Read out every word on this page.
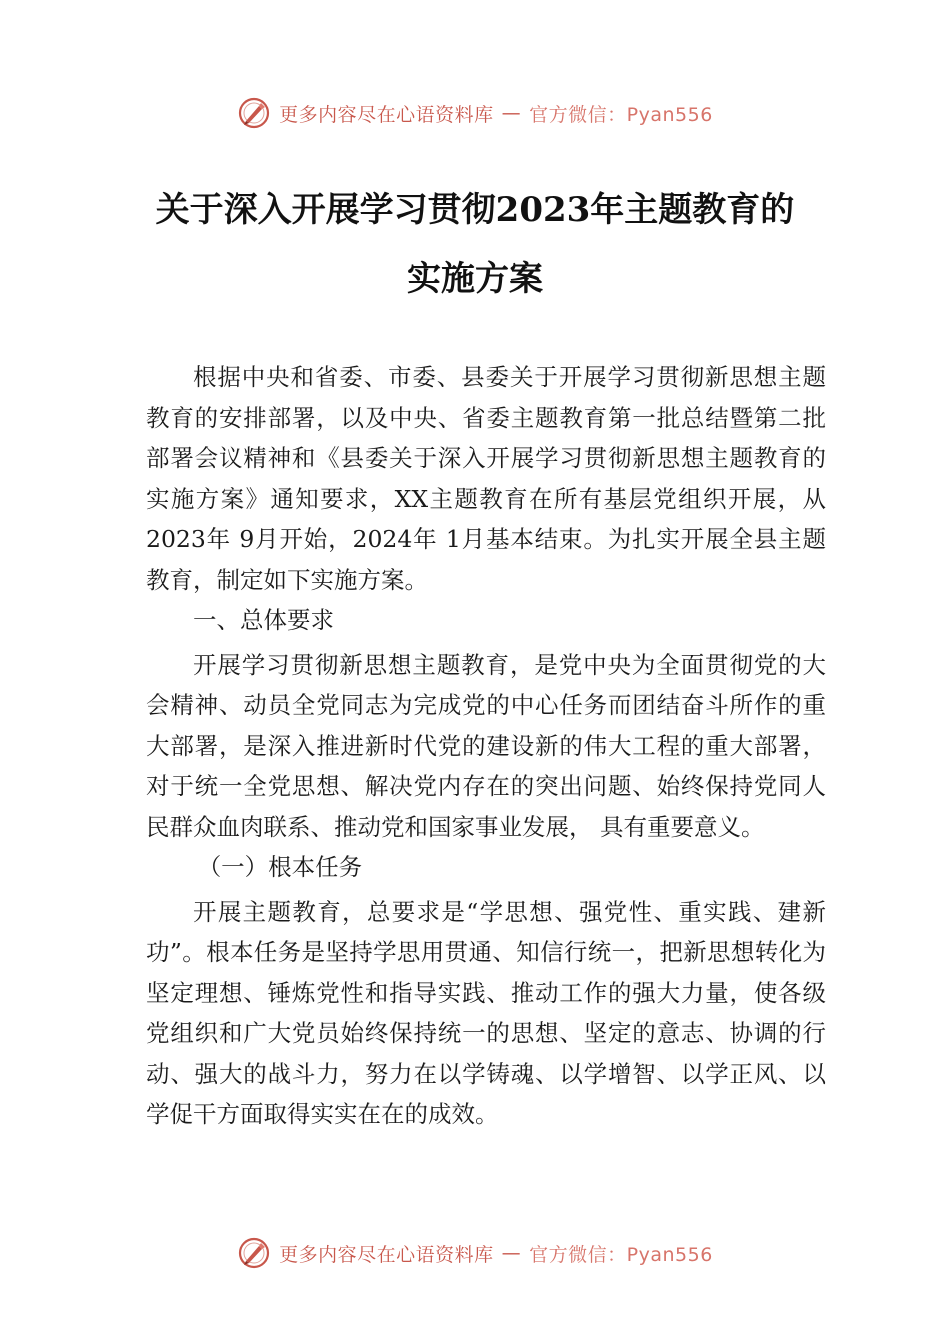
更多内容尽在心语资料库 — 官方微信：Pyan556
关于深入开展学习贯彻2023年主题教育的
实施方案

根据中央和省委、市委、县委关于开展学习贯彻新思想主题教育的安排部署，以及中央、省委主题教育第一批总结暨第二批部署会议精神和《县委关于深入开展学习贯彻新思想主题教育的实施方案》通知要求，XX主题教育在所有基层党组织开展，从 2023年 9月开始，2024年 1月基本结束。为扎实开展全县主题教育，制定如下实施方案。

一、总体要求

开展学习贯彻新思想主题教育，是党中央为全面贯彻党的大会精神、动员全党同志为完成党的中心任务而团结奋斗所作的重大部署，是深入推进新时代党的建设新的伟大工程的重大部署，对于统一全党思想、解决党内存在的突出问题、始终保持党同人民群众血肉联系、推动党和国家事业发展， 具有重要意义。

（一）根本任务

开展主题教育，总要求是“学思想、强党性、重实践、建新功”。根本任务是坚持学思用贯通、知信行统一，把新思想转化为坚定理想、锤炼党性和指导实践、推动工作的强大力量，使各级党组织和广大党员始终保持统一的思想、坚定的意志、协调的行动、强大的战斗力，努力在以学铸魂、以学增智、以学正风、以学促干方面取得实实在在的成效。

更多内容尽在心语资料库 — 官方微信：Pyan556
